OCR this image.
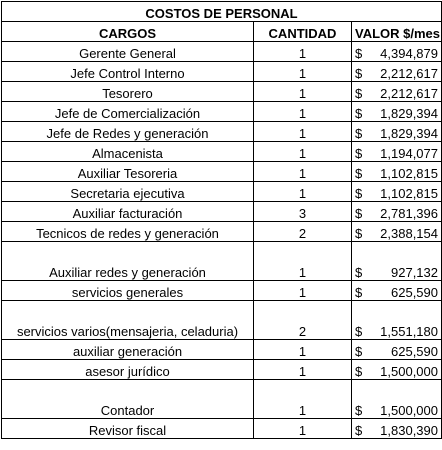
COSTOS DE PERSONAL		
CARGOS	CANTIDAD	VALOR $/mes
Gerente General	1	$ 4,394,879

Jefe Control Interno	1	$ 2,212,617

Tesorero	1	$ 2,212,617

Jefe de Comercialización	1	$ 1,829,394

Jefe de Redes y generación	1	$ 1,829,394

Almacenista	1	$ 1,194,077

Auxiliar Tesoreria	1	$ 1,102,815

Secretaria ejecutiva	1	$ 1,102,815

Auxiliar facturación	3	$ 2,781,396

Tecnicos de redes y generación	2	$ 2,388,154

Auxiliar redes y generación	1	$ 927,132

servicios generales	1	$ 625,590

servicios varios(mensajeria, celaduria)	2	$ 1,551,180

auxiliar generación	1	$ 625,590

asesor jurídico	1	$ 1,500,000

Contador	1	$ 1,500,000

Revisor fiscal	1	$ 1,830,390
